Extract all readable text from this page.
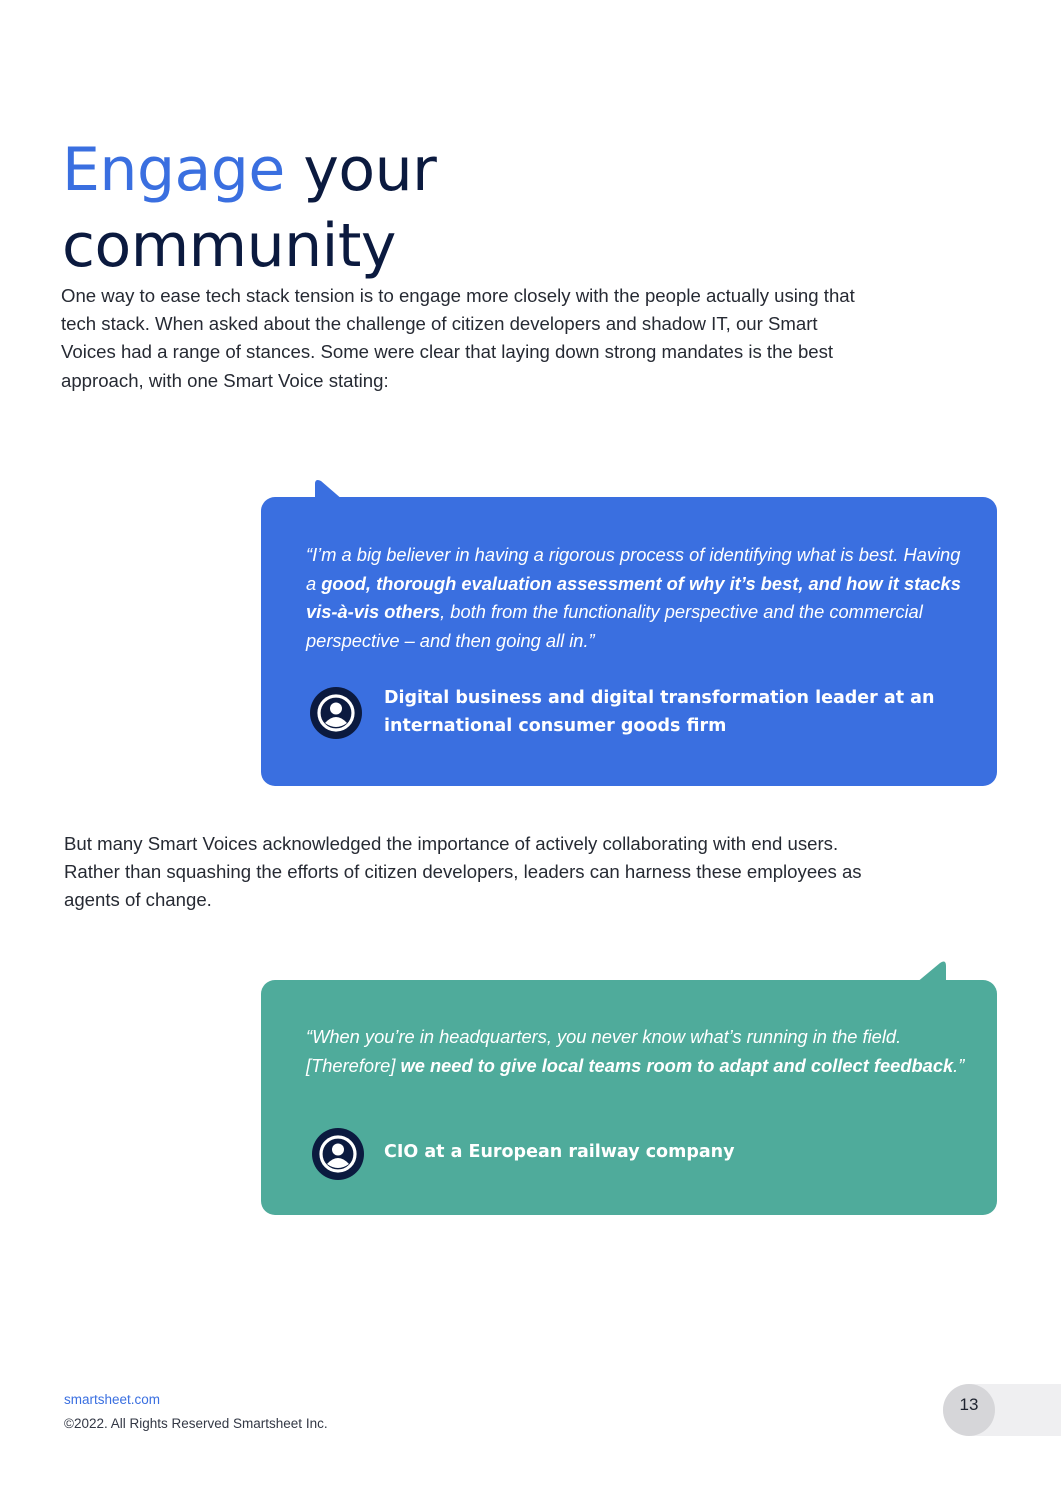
Engage your
community

One way to ease tech stack tension is to engage more closely with the people actually using that tech stack. When asked about the challenge of citizen developers and shadow IT, our Smart Voices had a range of stances. Some were clear that laying down strong mandates is the best approach, with one Smart Voice stating:

“I’m a big believer in having a rigorous process of identifying what is best. Having a good, thorough evaluation assessment of why it’s best, and how it stacks vis-à-vis others, both from the functionality perspective and the commercial perspective – and then going all in.”

Digital business and digital transformation leader at an international consumer goods firm

But many Smart Voices acknowledged the importance of actively collaborating with end users. Rather than squashing the efforts of citizen developers, leaders can harness these employees as agents of change.

“When you’re in headquarters, you never know what’s running in the field. [Therefore] we need to give local teams room to adapt and collect feedback.”

CIO at a European railway company

smartsheet.com

©2022. All Rights Reserved Smartsheet Inc.

13
